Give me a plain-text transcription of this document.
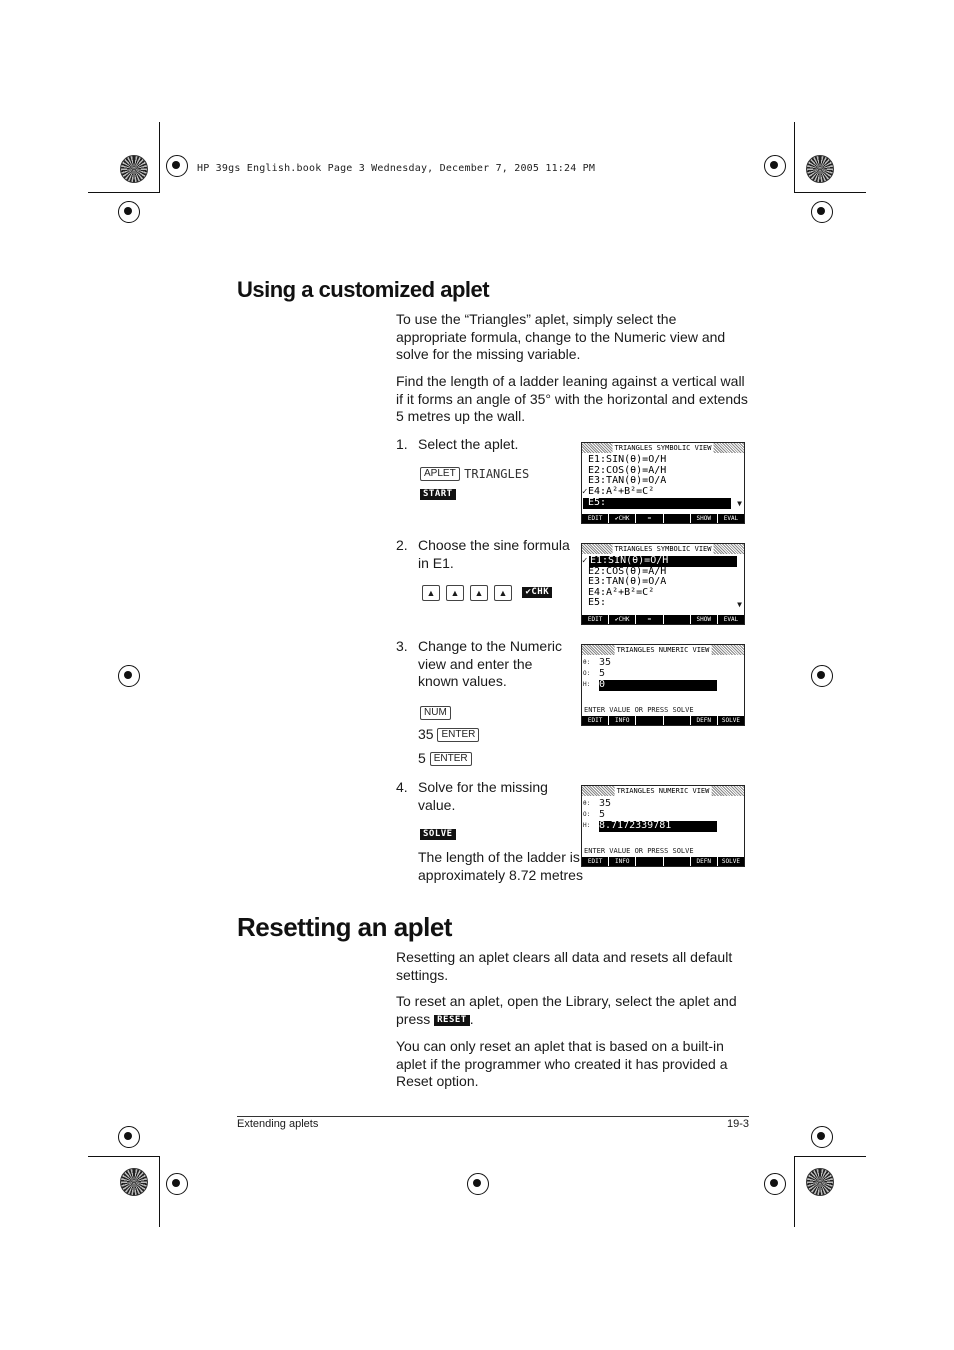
HP 39gs English.book Page 3 Wednesday, December 7, 2005 11:24 PM
Using a customized aplet

To use the “Triangles” aplet, simply select the appropriate formula, change to the Numeric view and solve for the missing variable.

Find the length of a ladder leaning against a vertical wall if it forms an angle of 35° with the horizontal and extends 5 metres up the wall.

1. Select the aplet.
APLET TRIANGLES
START
TRIANGLES SYMBOLIC VIEW
E1:SIN(θ)=O/H
E2:COS(θ)=A/H
E3:TAN(θ)=O/A
✓ E4:A²+B²=C²
E5:	▼
EDIT	✔CHK	=	SHOW	EVAL
2. Choose the sine formula in E1.
▲ ▲ ▲ ▲ ✔CHK
TRIANGLES SYMBOLIC VIEW
✓ E1:SIN(θ)=O/H
E2:COS(θ)=A/H
E3:TAN(θ)=O/A
E4:A²+B²=C²
E5:	▼
EDIT	✔CHK	=	SHOW	EVAL
3. Change to the Numeric view and enter the known values.
NUM
35 ENTER
5 ENTER
TRIANGLES NUMERIC VIEW
θ: 35
O: 5
H: 0
ENTER VALUE OR PRESS SOLVE
EDIT	INFO	DEFN	SOLVE
4. Solve for the missing value.
SOLVE
The length of the ladder is approximately 8.72 metres
TRIANGLES NUMERIC VIEW
θ: 35
O: 5
H: 8.7172339781
ENTER VALUE OR PRESS SOLVE
EDIT	INFO	DEFN	SOLVE
Resetting an aplet

Resetting an aplet clears all data and resets all default settings.

To reset an aplet, open the Library, select the aplet and press RESET .

You can only reset an aplet that is based on a built-in aplet if the programmer who created it has provided a Reset option.

Extending aplets	19-3
